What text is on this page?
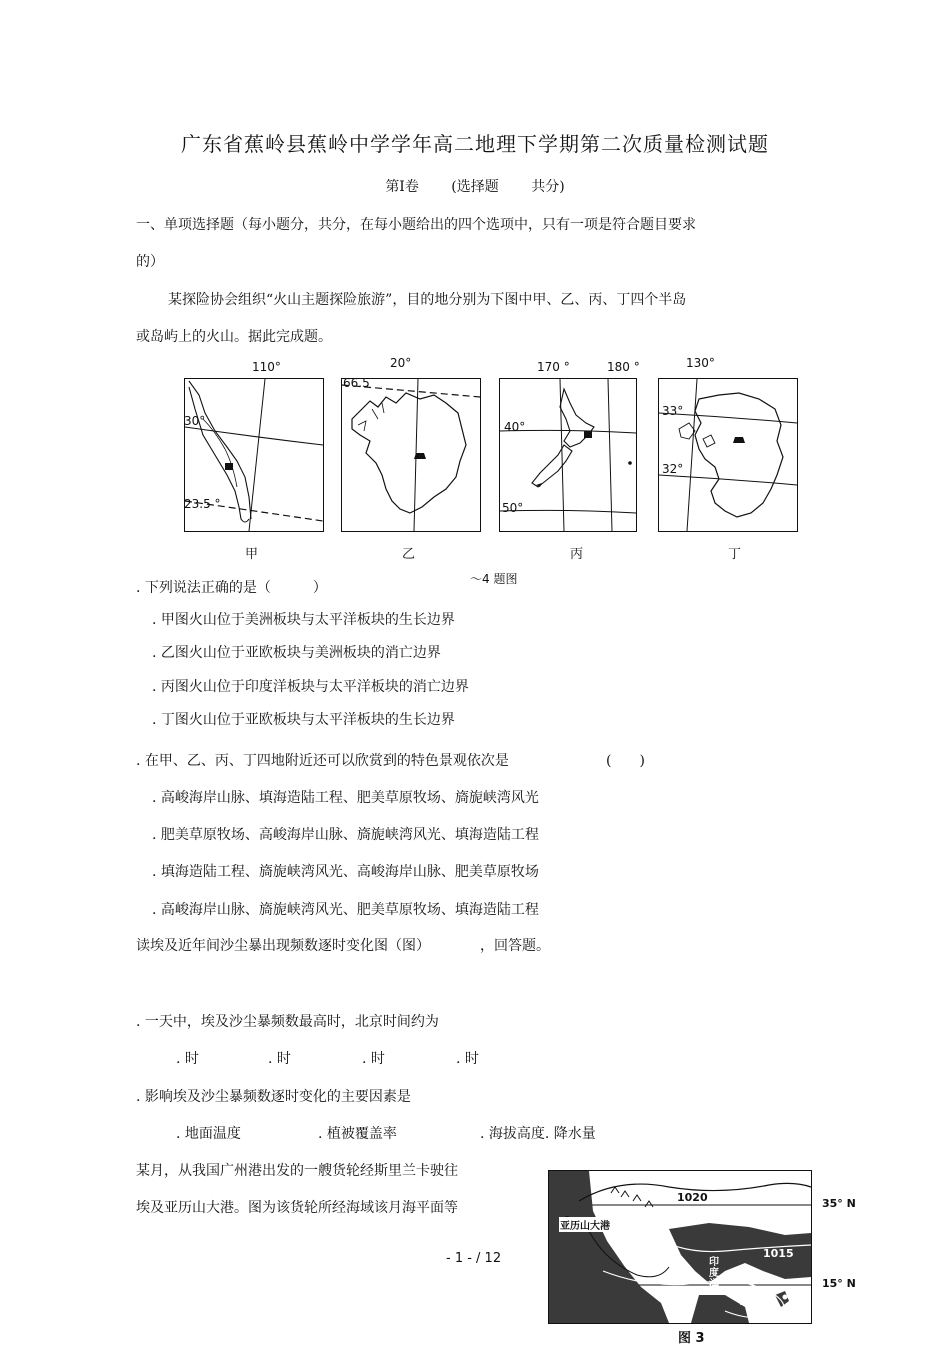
广东省蕉岭县蕉岭中学学年高二地理下学期第二次质量检测试题
第Ⅰ卷 (选择题 共分)
一、单项选择题（每小题分，共分，在每小题给出的四个选项中，只有一项是符合题目要求
的）
某探险协会组织“火山主题探险旅游”，目的地分别为下图中甲、乙、丙、丁四个半岛
或岛屿上的火山。据此完成题。
110°
30°
23.5 °
甲
20°
66.5
乙
170 °	180 °
40°
50°
丙
130°
33°
32°
丁
～4 题图
. 下列说法正确的是（　　　）
. 甲图火山位于美洲板块与太平洋板块的生长边界
. 乙图火山位于亚欧板块与美洲板块的消亡边界
. 丙图火山位于印度洋板块与太平洋板块的消亡边界
. 丁图火山位于亚欧板块与太平洋板块的生长边界
. 在甲、乙、丙、丁四地附近还可以欣赏到的特色景观依次是	(　　)
. 高峻海岸山脉、填海造陆工程、肥美草原牧场、旖旎峡湾风光
. 肥美草原牧场、高峻海岸山脉、旖旎峡湾风光、填海造陆工程
. 填海造陆工程、旖旎峡湾风光、高峻海岸山脉、肥美草原牧场
. 高峻海岸山脉、旖旎峡湾风光、肥美草原牧场、填海造陆工程
读埃及近年间沙尘暴出现频数逐时变化图（图）	，回答题。
. 一天中，埃及沙尘暴频数最高时，北京时间约为
. 时	. 时	. 时	. 时
. 影响埃及沙尘暴频数逐时变化的主要因素是
. 地面温度	. 植被覆盖率	. 海拔高度. 降水量
某月，从我国广州港出发的一艘货轮经斯里兰卡驶往
埃及亚历山大港。图为该货轮所经海域该月海平面等
1020
1015
1010
亚历山大港
印度洋
35° N
15° N
图 3
- 1 - / 12
